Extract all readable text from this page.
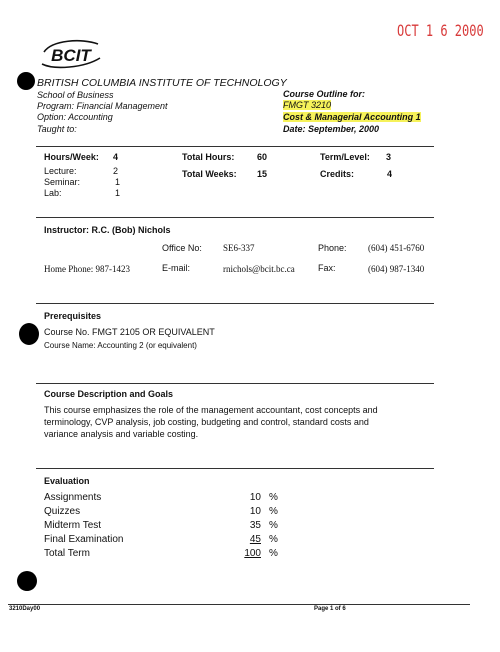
OCT 1 6 2000
BCIT
BRITISH COLUMBIA INSTITUTE OF TECHNOLOGY
School of Business
Program: Financial Management
Option: Accounting
Taught to:
Course Outline for:
FMGT 3210
Cost & Managerial Accounting 1
Date: September, 2000
Hours/Week: 4
Lecture:	2
Seminar:	1
Lab:	1
Total Hours:	60
Total Weeks: 15
Term/Level: 3
Credits:	4
Instructor: R.C. (Bob) Nichols
Office No: SE6-337	Phone: (604) 451-6760
Home Phone: 987-1423	E-mail:	rnichols@bcit.bc.ca	Fax:	(604) 987-1340
Prerequisites
Course No. FMGT 2105 OR EQUIVALENT
Course Name: Accounting 2 (or equivalent)
Course Description and Goals
This course emphasizes the role of the management accountant, cost concepts and
terminology, CVP analysis, job costing, budgeting and control, standard costs and
variance analysis and variable costing.
Evaluation
Assignments	10 %
Quizzes	10 %
Midterm Test	35 %
Final Examination	45 %
Total Term	100 %
3210Day00	Page 1 of 6
